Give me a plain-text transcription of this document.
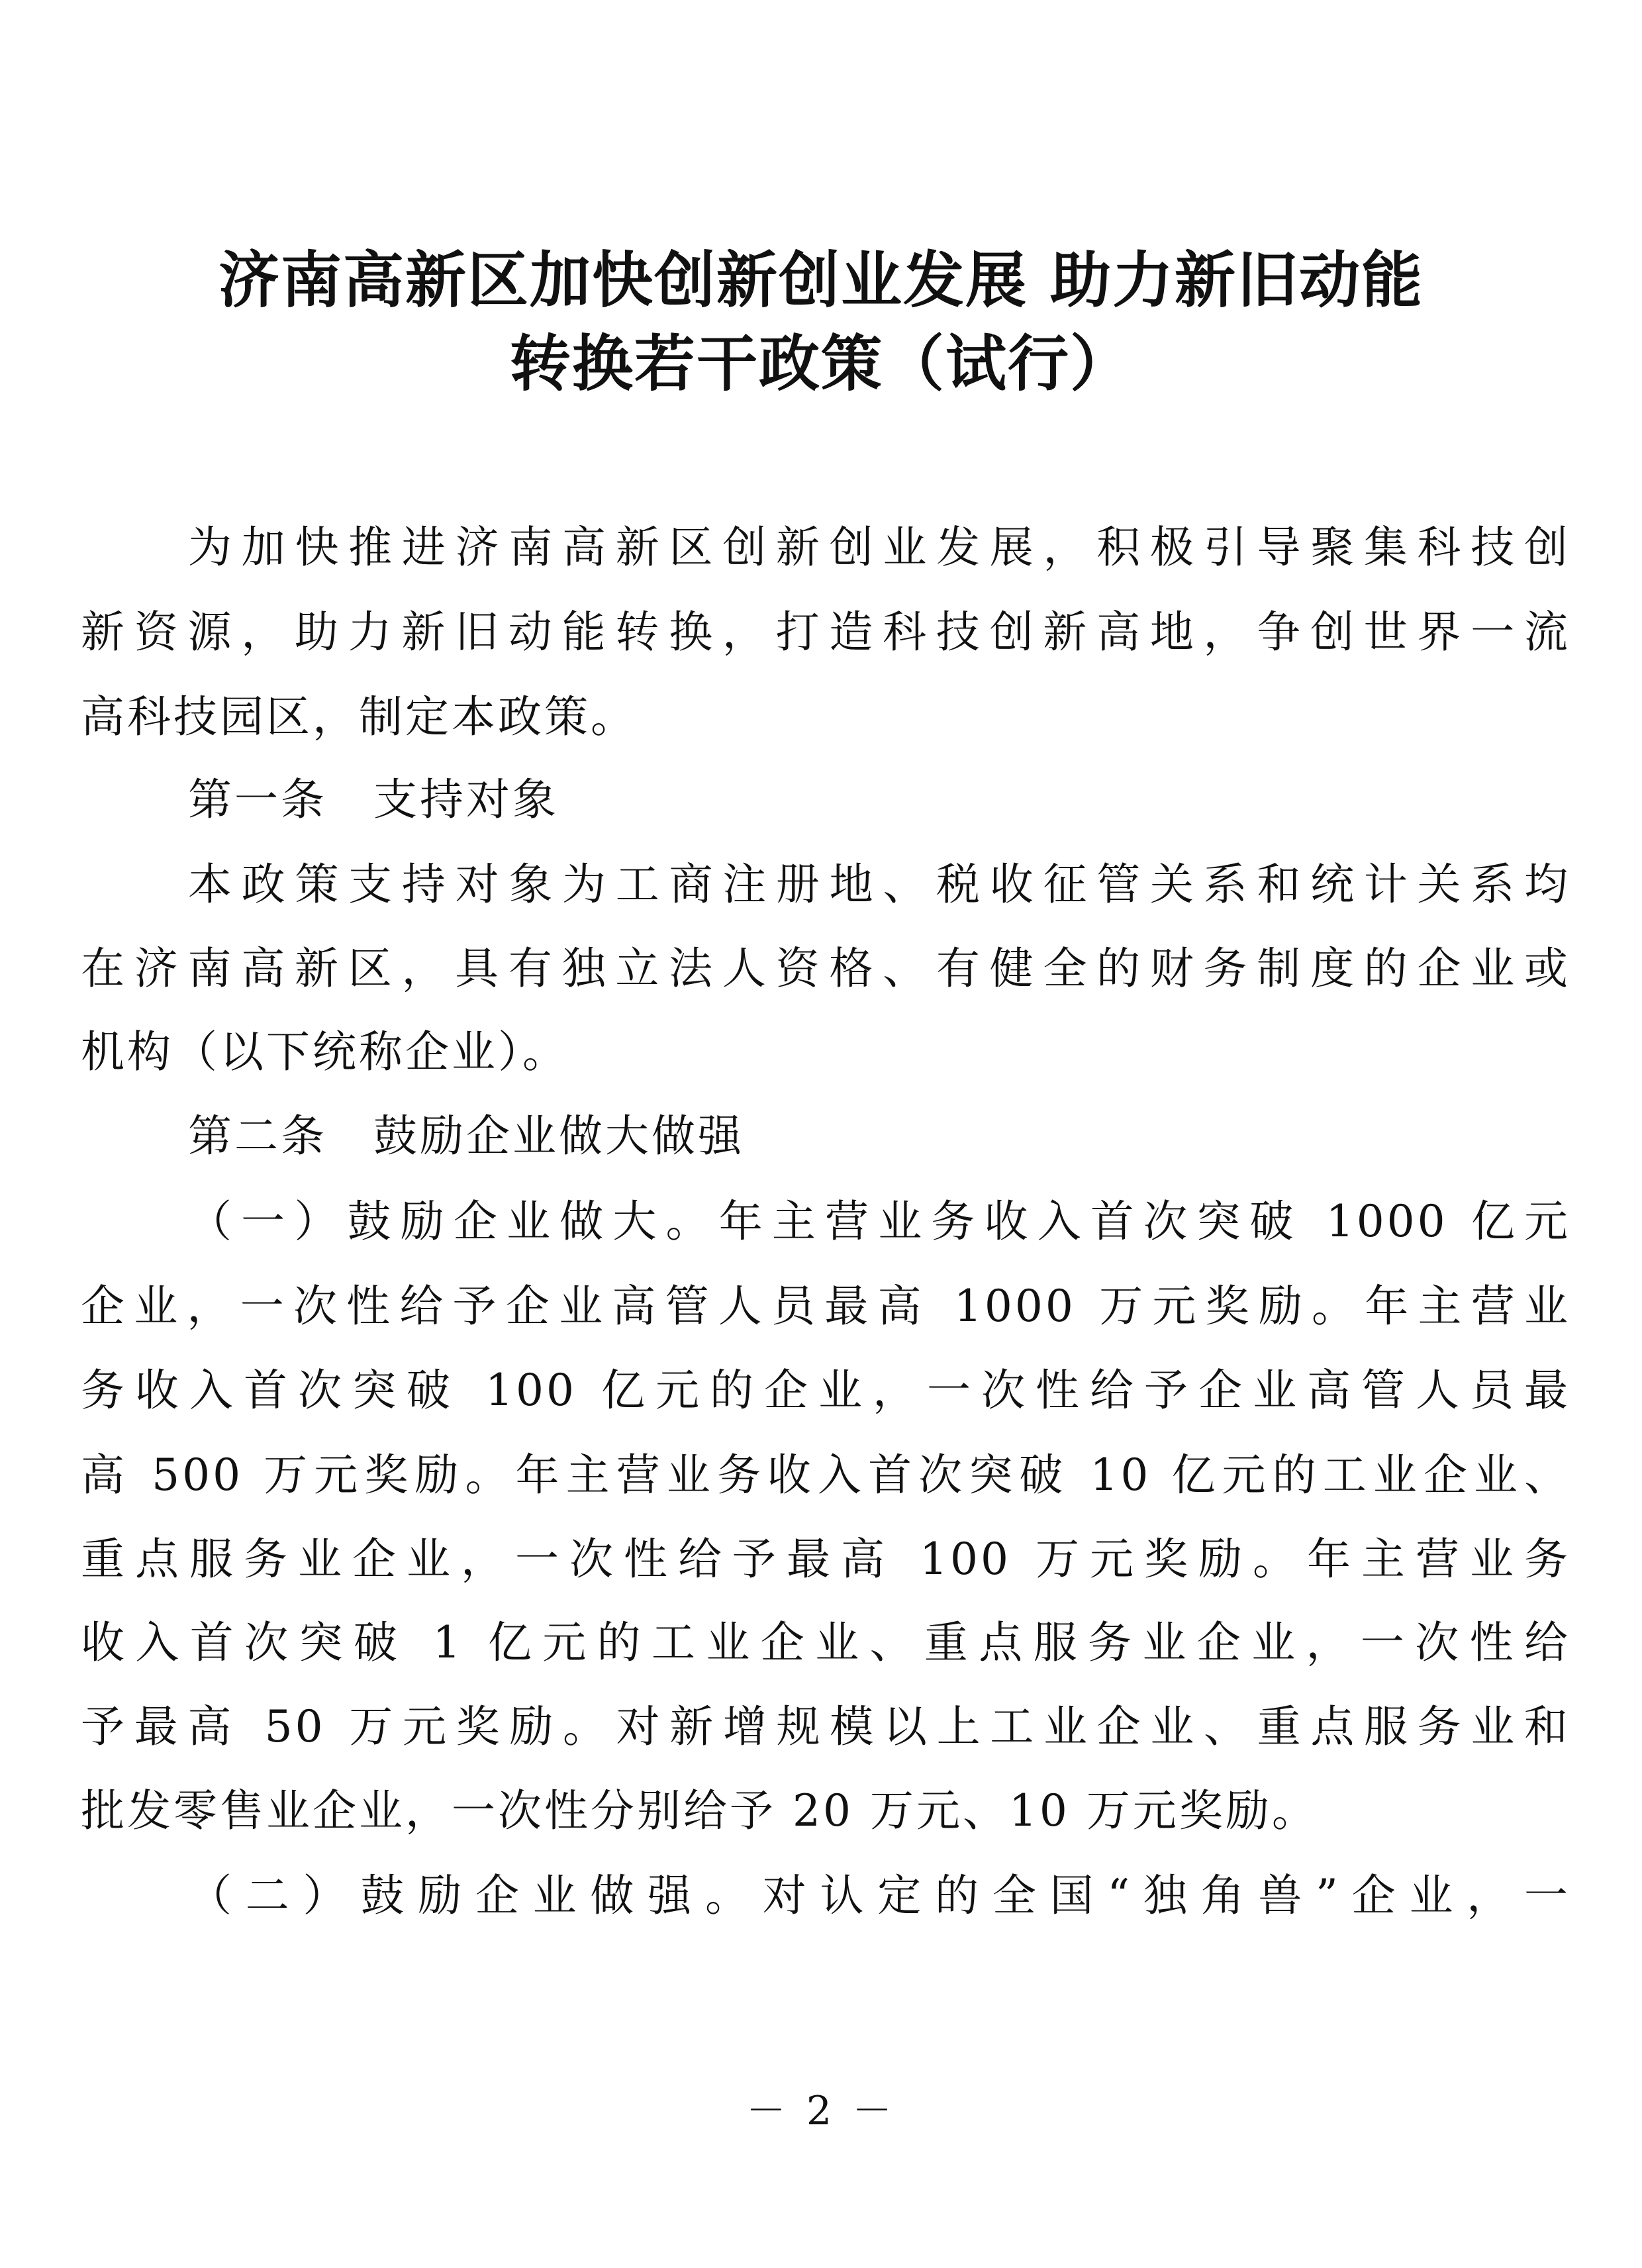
济南高新区加快创新创业发展 助力新旧动能
转换若干政策（试行）
为加快推进济南高新区创新创业发展，积极引导聚集科技创
新资源，助力新旧动能转换，打造科技创新高地，争创世界一流
高科技园区，制定本政策。
第一条　支持对象
本政策支持对象为工商注册地、税收征管关系和统计关系均
在济南高新区，具有独立法人资格、有健全的财务制度的企业或
机构（以下统称企业）。
第二条　鼓励企业做大做强
（一）鼓励企业做大。年主营业务收入首次突破 1000 亿元
企业，一次性给予企业高管人员最高 1000 万元奖励。年主营业
务收入首次突破 100 亿元的企业，一次性给予企业高管人员最
高 500 万元奖励。年主营业务收入首次突破 10 亿元的工业企业、
重点服务业企业，一次性给予最高 100 万元奖励。年主营业务
收入首次突破 1 亿元的工业企业、重点服务业企业，一次性给
予最高 50 万元奖励。对新增规模以上工业企业、重点服务业和
批发零售业企业，一次性分别给予 20 万元、10 万元奖励。
（二）鼓励企业做强。对认定的全国“独角兽”企业，一
－ 2 －
